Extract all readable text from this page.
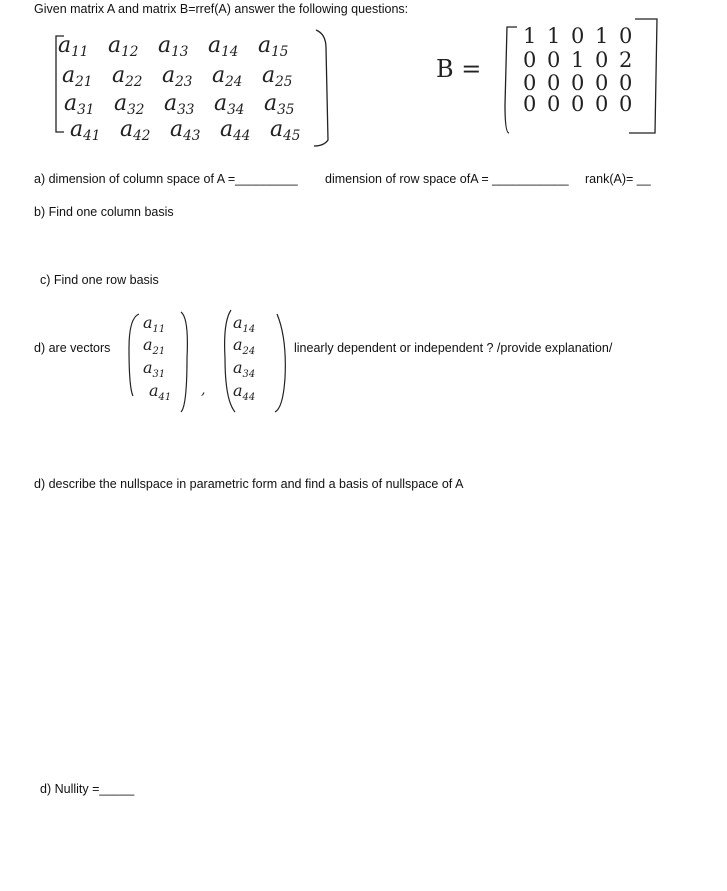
Given matrix A and matrix B=rref(A) answer the following questions:
a11 a12 a13 a14 a15
a21 a22 a23 a24 a25
a31 a32 a33 a34 a35
a41 a42 a43 a44 a45
B =
1 1 0 1 0
0 0 1 0 2
0 0 0 0 0
0 0 0 0 0
a) dimension of column space of A =_________ dimension of row space ofA = ___________ rank(A)= __
b) Find one column basis
c) Find one row basis
d) are vectors
,
$a_{11}$
$a_{21}$
$a_{31}$
$a_{41}$
$a_{14}$
$a_{24}$
$a_{34}$
$a_{44}$
linearly dependent or independent ? /provide explanation/
d) describe the nullspace in parametric form and find a basis of nullspace of A
d) Nullity =_____
